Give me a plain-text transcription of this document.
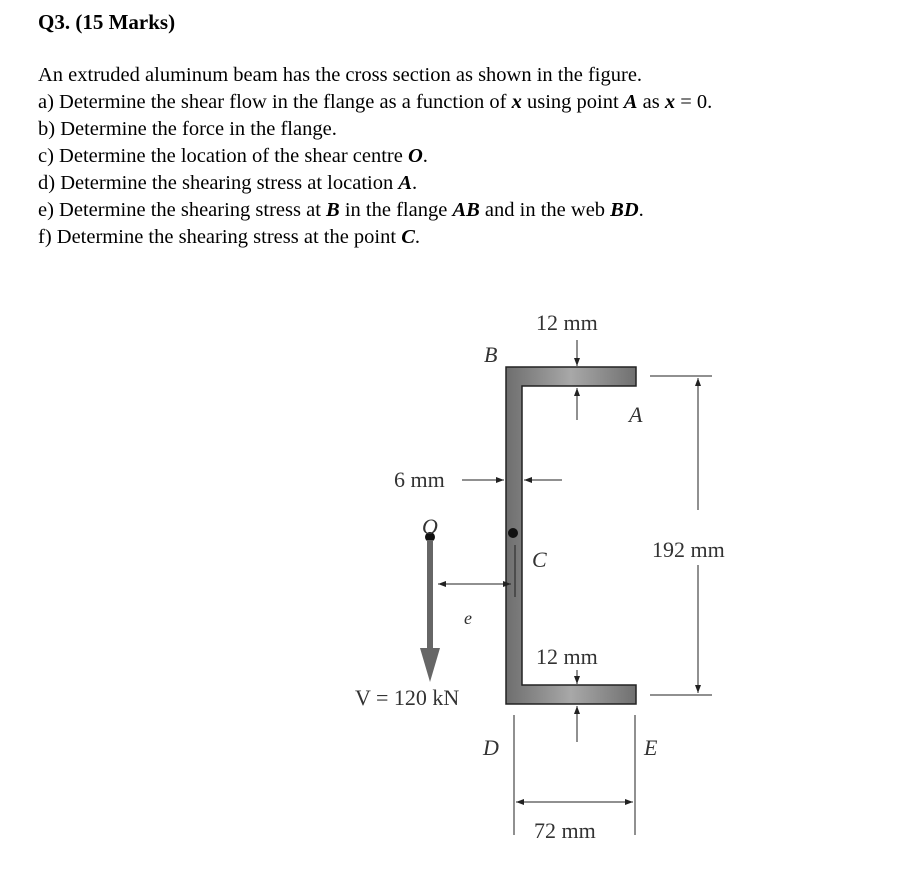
Q3. (15 Marks)
An extruded aluminum beam has the cross section as shown in the figure.
a) Determine the shear flow in the flange as a function of x using point A as x = 0.
b) Determine the force in the flange.
c) Determine the location of the shear centre O.
d) Determine the shearing stress at location A.
e) Determine the shearing stress at B in the flange AB and in the web BD.
f) Determine the shearing stress at the point C.
12 mm
B
A
6 mm
O
C	192 mm
e
12 mm
V = 120 kN
D	E
72 mm
